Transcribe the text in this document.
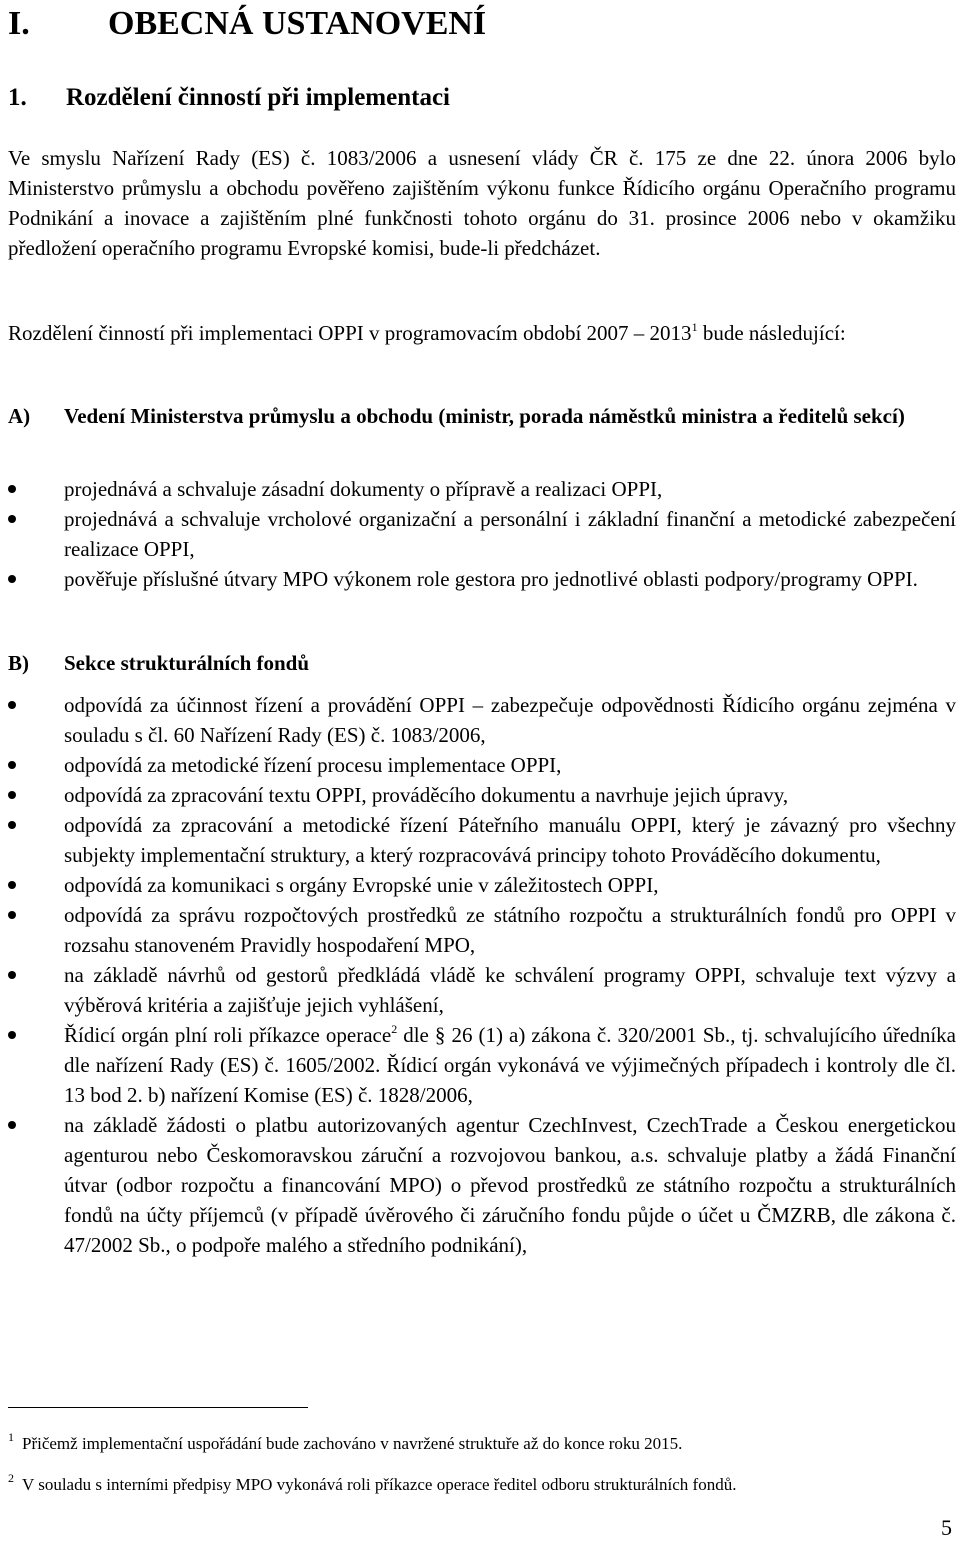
I. OBECNÁ USTANOVENÍ
1. Rozdělení činností při implementaci
Ve smyslu Nařízení Rady (ES) č. 1083/2006 a usnesení vlády ČR č. 175 ze dne 22. února 2006 bylo Ministerstvo průmyslu a obchodu pověřeno zajištěním výkonu funkce Řídicího orgánu Operačního programu Podnikání a inovace a zajištěním plné funkčnosti tohoto orgánu do 31. prosince 2006 nebo v okamžiku předložení operačního programu Evropské komisi, bude-li předcházet.
Rozdělení činností při implementaci OPPI v programovacím období 2007 – 2013$^1$ bude následující:
A) Vedení Ministerstva průmyslu a obchodu (ministr, porada náměstků ministra a ředitelů sekcí)
projednává a schvaluje zásadní dokumenty o přípravě a realizaci OPPI,
projednává a schvaluje vrcholové organizační a personální i základní finanční a metodické zabezpečení realizace OPPI,
pověřuje příslušné útvary MPO výkonem role gestora pro jednotlivé oblasti podpory/programy OPPI.
B) Sekce strukturálních fondů
odpovídá za účinnost řízení a provádění OPPI – zabezpečuje odpovědnosti Řídicího orgánu zejména v souladu s čl. 60 Nařízení Rady (ES) č. 1083/2006,
odpovídá za metodické řízení procesu implementace OPPI,
odpovídá za zpracování textu OPPI, prováděcího dokumentu a navrhuje jejich úpravy,
odpovídá za zpracování a metodické řízení Páteřního manuálu OPPI, který je závazný pro všechny subjekty implementační struktury, a který rozpracovává principy tohoto Prováděcího dokumentu,
odpovídá za komunikaci s orgány Evropské unie v záležitostech OPPI,
odpovídá za správu rozpočtových prostředků ze státního rozpočtu a strukturálních fondů pro OPPI v rozsahu stanoveném Pravidly hospodaření MPO,
na základě návrhů od gestorů předkládá vládě ke schválení programy OPPI, schvaluje text výzvy a výběrová kritéria a zajišťuje jejich vyhlášení,
Řídicí orgán plní roli příkazce operace$^2$ dle § 26 (1) a) zákona č. 320/2001 Sb., tj. schvalujícího úředníka dle nařízení Rady (ES) č. 1605/2002. Řídicí orgán vykonává ve výjimečných případech i kontroly dle čl. 13 bod 2. b) nařízení Komise (ES) č. 1828/2006,
na základě žádosti o platbu autorizovaných agentur CzechInvest, CzechTrade a Českou energetickou agenturou nebo Českomoravskou záruční a rozvojovou bankou, a.s. schvaluje platby a žádá Finanční útvar (odbor rozpočtu a financování MPO) o převod prostředků ze státního rozpočtu a strukturálních fondů na účty příjemců (v případě úvěrového či záručního fondu půjde o účet u ČMZRB, dle zákona č. 47/2002 Sb., o podpoře malého a středního podnikání),
$^1$ Přičemž implementační uspořádání bude zachováno v navržené struktuře až do konce roku 2015.
$^2$ V souladu s interními předpisy MPO vykonává roli příkazce operace ředitel odboru strukturálních fondů.
5
